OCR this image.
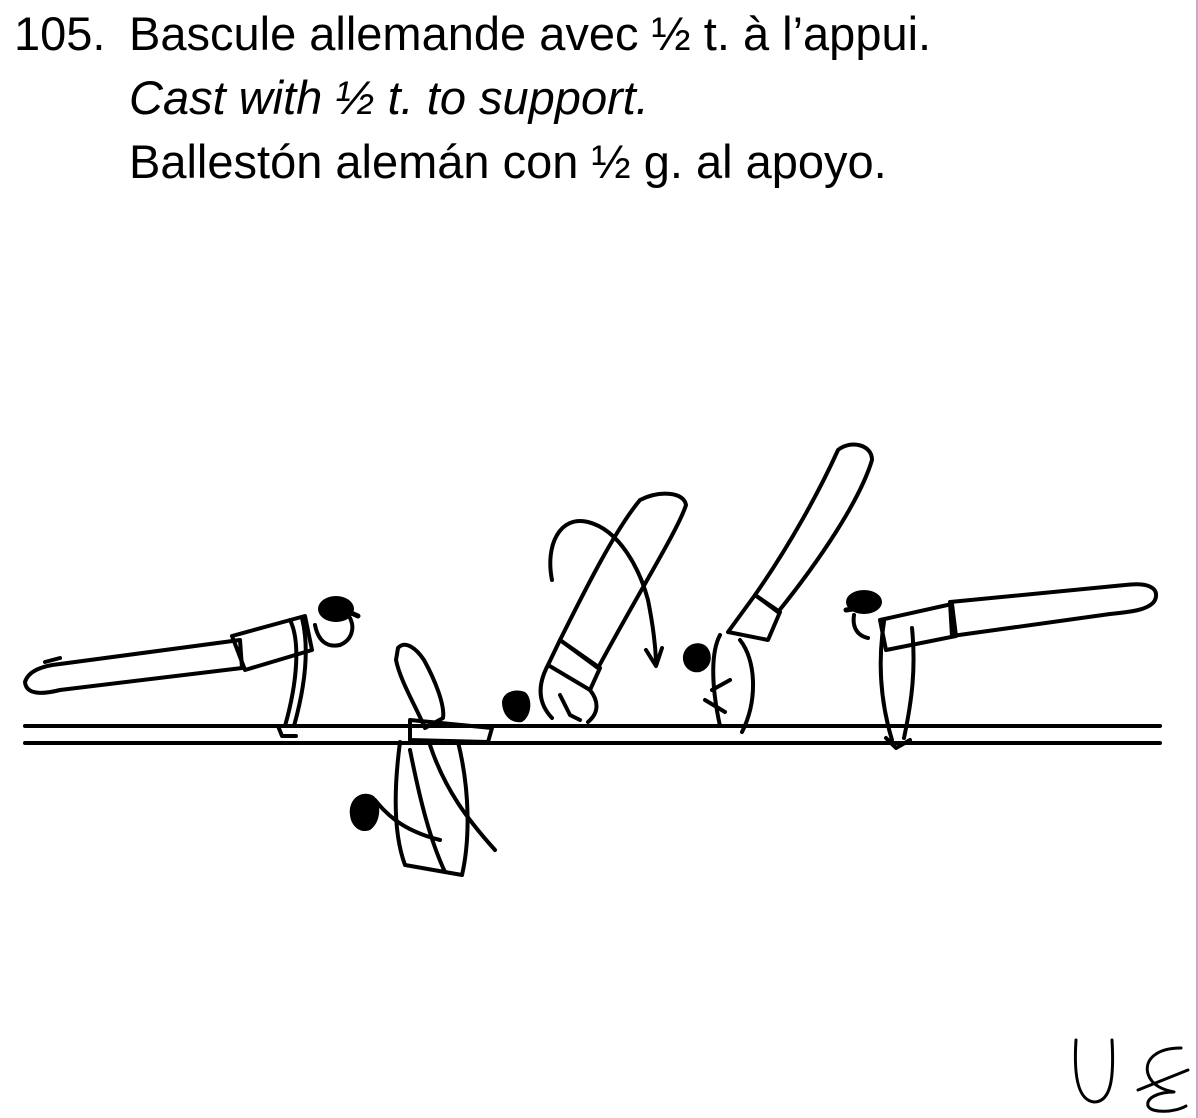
105. Bascule allemande avec ½ t. à l’appui.
Cast with ½ t. to support.
Ballestón alemán con ½ g. al apoyo.
